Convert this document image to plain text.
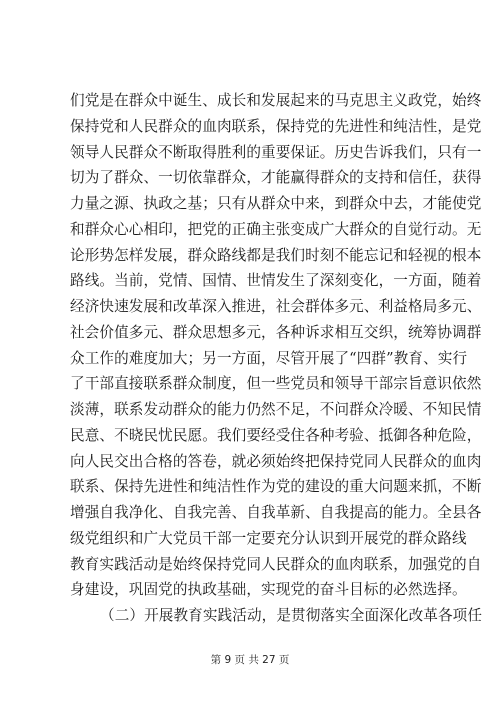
们党是在群众中诞生、成长和发展起来的马克思主义政党，始终
保持党和人民群众的血肉联系，保持党的先进性和纯洁性，是党
领导人民群众不断取得胜利的重要保证。历史告诉我们，只有一
切为了群众、一切依靠群众，才能赢得群众的支持和信任，获得
力量之源、执政之基；只有从群众中来，到群众中去，才能使党
和群众心心相印，把党的正确主张变成广大群众的自觉行动。无
论形势怎样发展，群众路线都是我们时刻不能忘记和轻视的根本
路线。当前，党情、国情、世情发生了深刻变化，一方面，随着
经济快速发展和改革深入推进，社会群体多元、利益格局多元、
社会价值多元、群众思想多元，各种诉求相互交织，统筹协调群
众工作的难度加大；另一方面，尽管开展了“四群”教育、实行
了干部直接联系群众制度，但一些党员和领导干部宗旨意识依然
淡薄，联系发动群众的能力仍然不足，不问群众冷暖、不知民情
民意、不晓民忧民愿。我们要经受住各种考验、抵御各种危险，
向人民交出合格的答卷，就必须始终把保持党同人民群众的血肉
联系、保持先进性和纯洁性作为党的建设的重大问题来抓，不断
增强自我净化、自我完善、自我革新、自我提高的能力。全县各
级党组织和广大党员干部一定要充分认识到开展党的群众路线
教育实践活动是始终保持党同人民群众的血肉联系，加强党的自
身建设，巩固党的执政基础，实现党的奋斗目标的必然选择。
（二）开展教育实践活动，是贯彻落实全面深化改革各项任
第 9 页 共 27 页
